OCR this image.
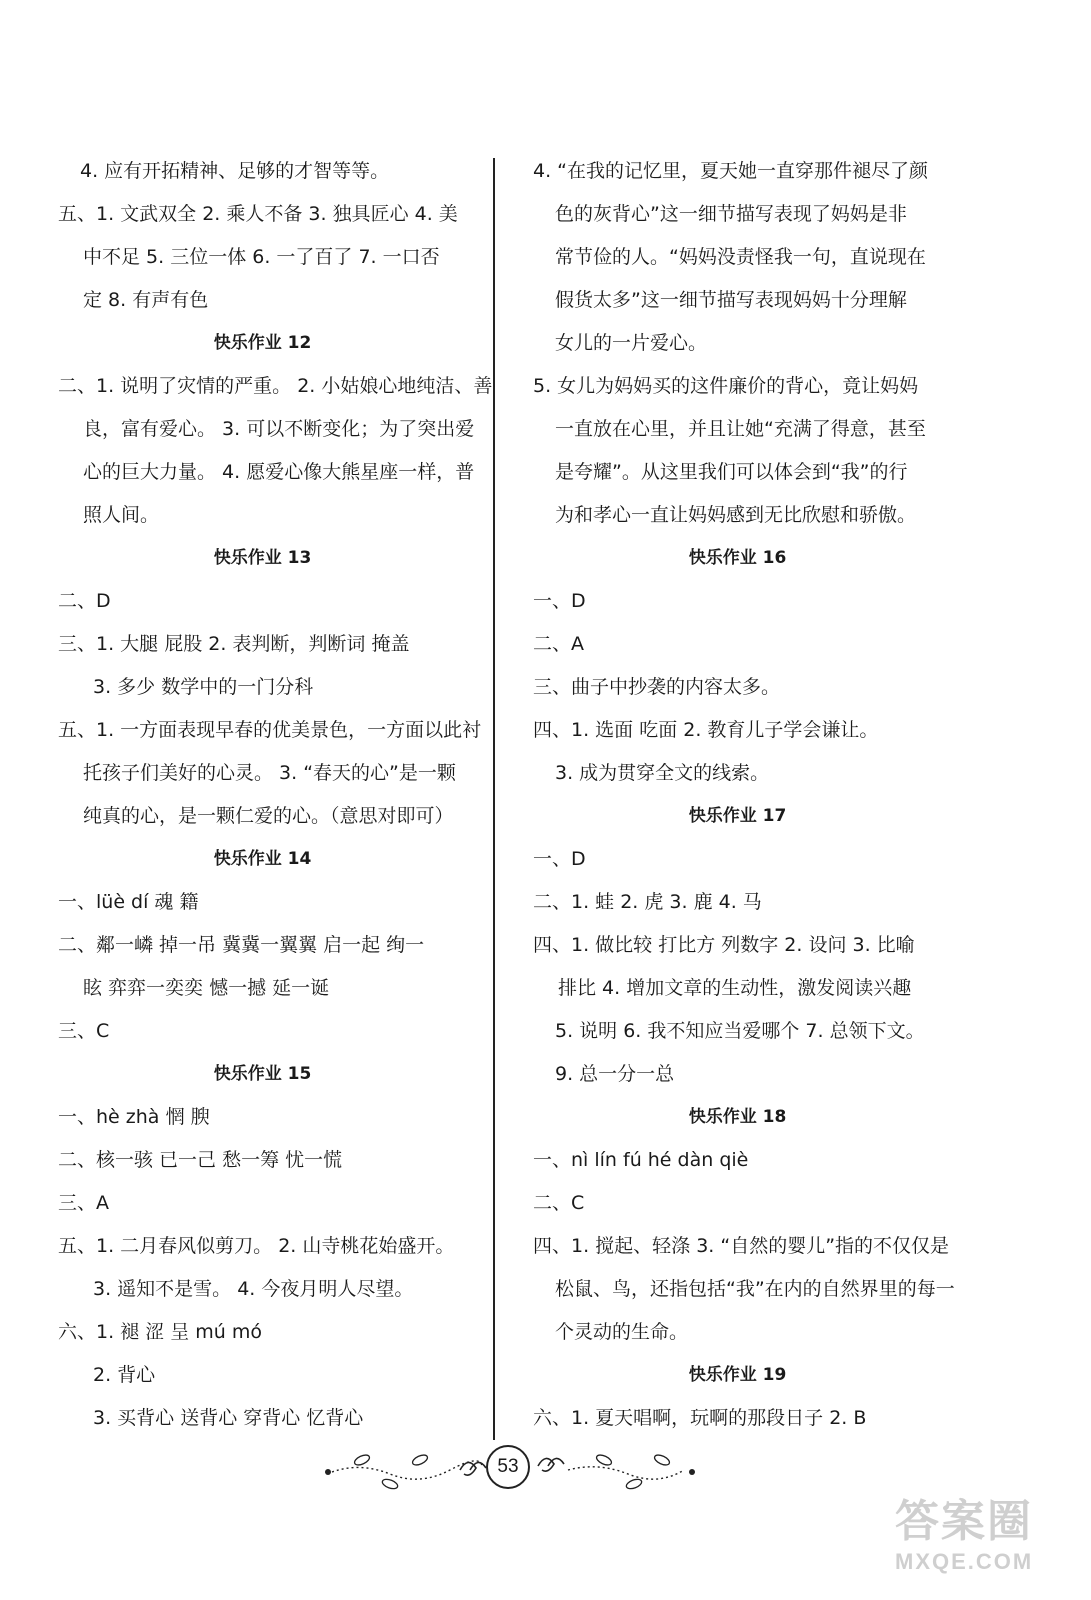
4. 应有开拓精神、足够的才智等等。
五、1. 文武双全 2. 乘人不备 3. 独具匠心 4. 美
中不足 5. 三位一体 6. 一了百了 7. 一口否
定 8. 有声有色
快乐作业 12
二、1. 说明了灾情的严重。 2. 小姑娘心地纯洁、善
良，富有爱心。 3. 可以不断变化；为了突出爱
心的巨大力量。 4. 愿爱心像大熊星座一样，普
照人间。
快乐作业 13
二、D
三、1. 大腿 屁股 2. 表判断，判断词 掩盖
3. 多少 数学中的一门分科
五、1. 一方面表现早春的优美景色，一方面以此衬
托孩子们美好的心灵。 3. “春天的心”是一颗
纯真的心，是一颗仁爱的心。（意思对即可）
快乐作业 14
一、lüè dí 魂 籍
二、鄰一嶙 掉一吊 冀冀一翼翼 启一起 绚一
眩 弈弈一奕奕 憾一撼 延一诞
三、C
快乐作业 15
一、hè zhà 惘 腴
二、核一骇 已一己 愁一筹 忧一慌
三、A
五、1. 二月春风似剪刀。 2. 山寺桃花始盛开。
3. 遥知不是雪。 4. 今夜月明人尽望。
六、1. 褪 涩 呈 mú mó
2. 背心
3. 买背心 送背心 穿背心 忆背心
4. “在我的记忆里，夏天她一直穿那件褪尽了颜
色的灰背心”这一细节描写表现了妈妈是非
常节俭的人。“妈妈没责怪我一句，直说现在
假货太多”这一细节描写表现妈妈十分理解
女儿的一片爱心。
5. 女儿为妈妈买的这件廉价的背心，竟让妈妈
一直放在心里，并且让她“充满了得意，甚至
是夸耀”。从这里我们可以体会到“我”的行
为和孝心一直让妈妈感到无比欣慰和骄傲。
快乐作业 16
一、D
二、A
三、曲子中抄袭的内容太多。
四、1. 选面 吃面 2. 教育儿子学会谦让。
3. 成为贯穿全文的线索。
快乐作业 17
一、D
二、1. 蛙 2. 虎 3. 鹿 4. 马
四、1. 做比较 打比方 列数字 2. 设问 3. 比喻
排比 4. 增加文章的生动性，激发阅读兴趣
5. 说明 6. 我不知应当爱哪个 7. 总领下文。
9. 总一分一总
快乐作业 18
一、nì lín fú hé dàn qiè
二、C
四、1. 搅起、轻涤 3. “自然的婴儿”指的不仅仅是
松鼠、鸟，还指包括“我”在内的自然界里的每一
个灵动的生命。
快乐作业 19
六、1. 夏天唱啊，玩啊的那段日子 2. B
53
答案圈
MXQE.COM
